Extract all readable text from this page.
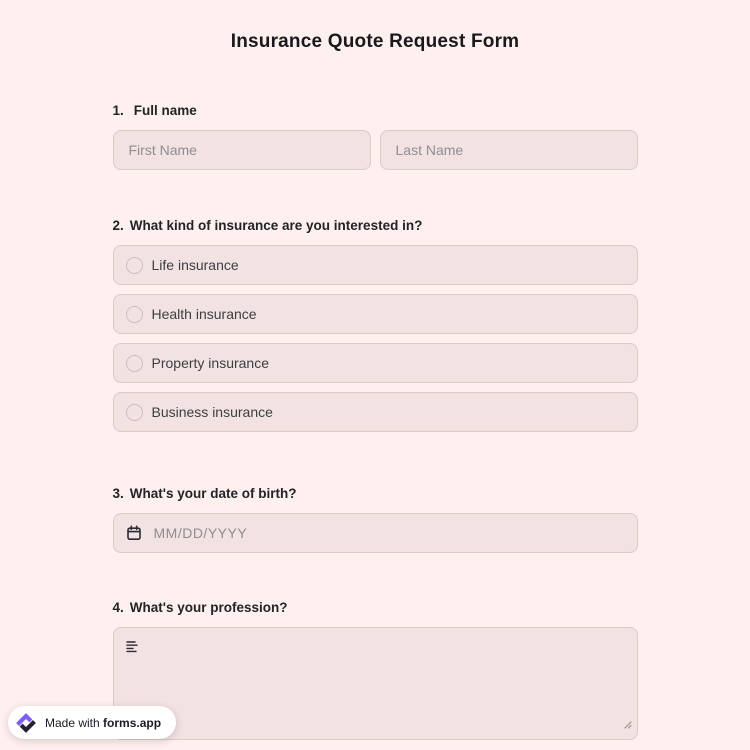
Insurance Quote Request Form
1. Full name
First Name
Last Name
2. What kind of insurance are you interested in?
Life insurance
Health insurance
Property insurance
Business insurance
3. What's your date of birth?
MM/DD/YYYY
4. What's your profession?
Made with forms.app
